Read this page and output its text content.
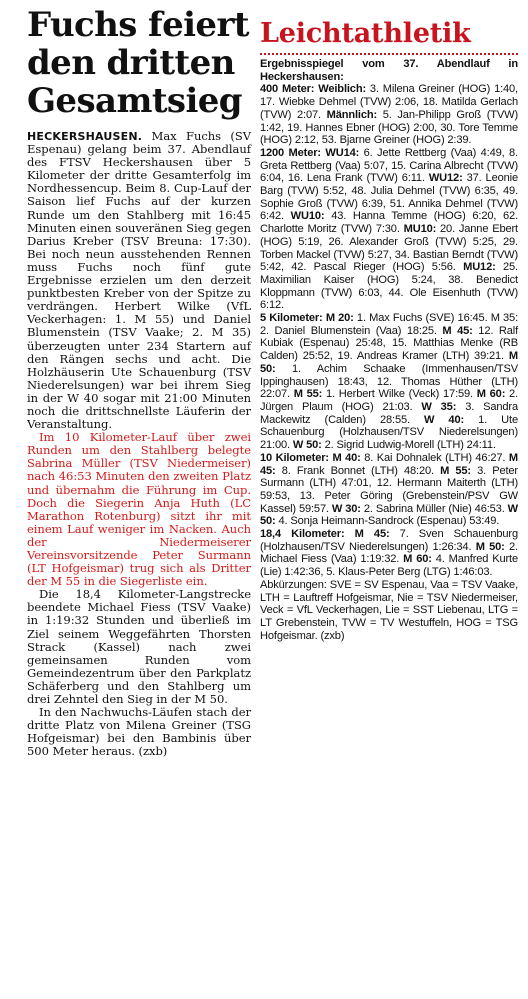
Fuchs feiert
den dritten
Gesamtsieg

HECKERSHAUSEN. Max Fuchs (SV Espenau) gelang beim 37. Abendlauf des FTSV Heckershausen über 5 Kilometer der dritte Gesamterfolg im Nordhessencup. Beim 8. Cup-Lauf der Saison lief Fuchs auf der kurzen Runde um den Stahlberg mit 16:45 Minuten einen souveränen Sieg gegen Darius Kreber (TSV Breuna: 17:30). Bei noch neun ausstehenden Rennen muss Fuchs noch fünf gute Ergebnisse erzielen um den derzeit punktbesten Kreber von der Spitze zu verdrängen. Herbert Wilke (VfL Veckerhagen: 1. M 55) und Daniel Blumenstein (TSV Vaake; 2. M 35) überzeugten unter 234 Startern auf den Rängen sechs und acht. Die Holzhäuserin Ute Schauenburg (TSV Niederelsungen) war bei ihrem Sieg in der W 40 sogar mit 21:00 Minuten noch die drittschnellste Läuferin der Veranstaltung.

Im 10 Kilometer-Lauf über zwei Runden um den Stahlberg belegte Sabrina Müller (TSV Niedermeiser) nach 46:53 Minuten den zweiten Platz und übernahm die Führung im Cup. Doch die Siegerin Anja Huth (LC Marathon Rotenburg) sitzt ihr mit einem Lauf weniger im Nacken. Auch der Niedermeiserer Vereinsvorsitzende Peter Surmann (LT Hofgeismar) trug sich als Dritter der M 55 in die Siegerliste ein.

Die 18,4 Kilometer-Langstrecke beendete Michael Fiess (TSV Vaake) in 1:19:32 Stunden und überließ im Ziel seinem Weggefährten Thorsten Strack (Kassel) nach zwei gemeinsamen Runden vom Gemeindezentrum über den Parkplatz Schäferberg und den Stahlberg um drei Zehntel den Sieg in der M 50.

In den Nachwuchs-Läufen stach der dritte Platz von Milena Greiner (TSG Hofgeismar) bei den Bambinis über 500 Meter heraus. (zxb)

Leichtathletik

Ergebnisspiegel vom 37. Abendlauf in Heckershausen:

400 Meter: Weiblich: 3. Milena Greiner (HOG) 1:40, 17. Wiebke Dehmel (TVW) 2:06, 18. Matilda Gerlach (TVW) 2:07. Männlich: 5. Jan-Philipp Groß (TVW) 1:42, 19. Hannes Ebner (HOG) 2:00, 30. Tore Temme (HOG) 2:12, 53. Bjarne Greiner (HOG) 2:39.

1200 Meter: WU14: 6. Jette Rettberg (Vaa) 4:49, 8. Greta Rettberg (Vaa) 5:07, 15. Carina Albrecht (TVW) 6:04, 16. Lena Frank (TVW) 6:11. WU12: 37. Leonie Barg (TVW) 5:52, 48. Julia Dehmel (TVW) 6:35, 49. Sophie Groß (TVW) 6:39, 51. Annika Dehmel (TVW) 6:42. WU10: 43. Hanna Temme (HOG) 6:20, 62. Charlotte Moritz (TVW) 7:30. MU10: 20. Janne Ebert (HOG) 5:19, 26. Alexander Groß (TVW) 5:25, 29. Torben Mackel (TVW) 5:27, 34. Bastian Berndt (TVW) 5:42, 42. Pascal Rieger (HOG) 5:56. MU12: 25. Maximilian Kaiser (HOG) 5:24, 38. Benedict Kloppmann (TVW) 6:03, 44. Ole Eisenhuth (TVW) 6:12.

5 Kilometer: M 20: 1. Max Fuchs (SVE) 16:45. M 35: 2. Daniel Blumenstein (Vaa) 18:25. M 45: 12. Ralf Kubiak (Espenau) 25:48, 15. Matthias Menke (RB Calden) 25:52, 19. Andreas Kramer (LTH) 39:21. M 50: 1. Achim Schaake (Immenhausen/TSV Ippinghausen) 18:43, 12. Thomas Hüther (LTH) 22:07. M 55: 1. Herbert Wilke (Veck) 17:59. M 60: 2. Jürgen Plaum (HOG) 21:03. W 35: 3. Sandra Mackewitz (Calden) 28:55. W 40: 1. Ute Schauenburg (Holzhausen/TSV Niederelsungen) 21:00. W 50: 2. Sigrid Ludwig-Morell (LTH) 24:11.

10 Kilometer: M 40: 8. Kai Dohnalek (LTH) 46:27. M 45: 8. Frank Bonnet (LTH) 48:20. M 55: 3. Peter Surmann (LTH) 47:01, 12. Hermann Maiterth (LTH) 59:53, 13. Peter Göring (Grebenstein/PSV GW Kassel) 59:57. W 30: 2. Sabrina Müller (Nie) 46:53. W 50: 4. Sonja Heimann-Sandrock (Espenau) 53:49.

18,4 Kilometer: M 45: 7. Sven Schauenburg (Holzhausen/TSV Niederelsungen) 1:26:34. M 50: 2. Michael Fiess (Vaa) 1:19:32. M 60: 4. Manfred Kurte (Lie) 1:42:36, 5. Klaus-Peter Berg (LTG) 1:46:03.

Abkürzungen: SVE = SV Espenau, Vaa = TSV Vaake, LTH = Lauftreff Hofgeismar, Nie = TSV Niedermeiser, Veck = VfL Veckerhagen, Lie = SST Liebenau, LTG = LT Grebenstein, TVW = TV Westuffeln, HOG = TSG Hofgeismar. (zxb)
